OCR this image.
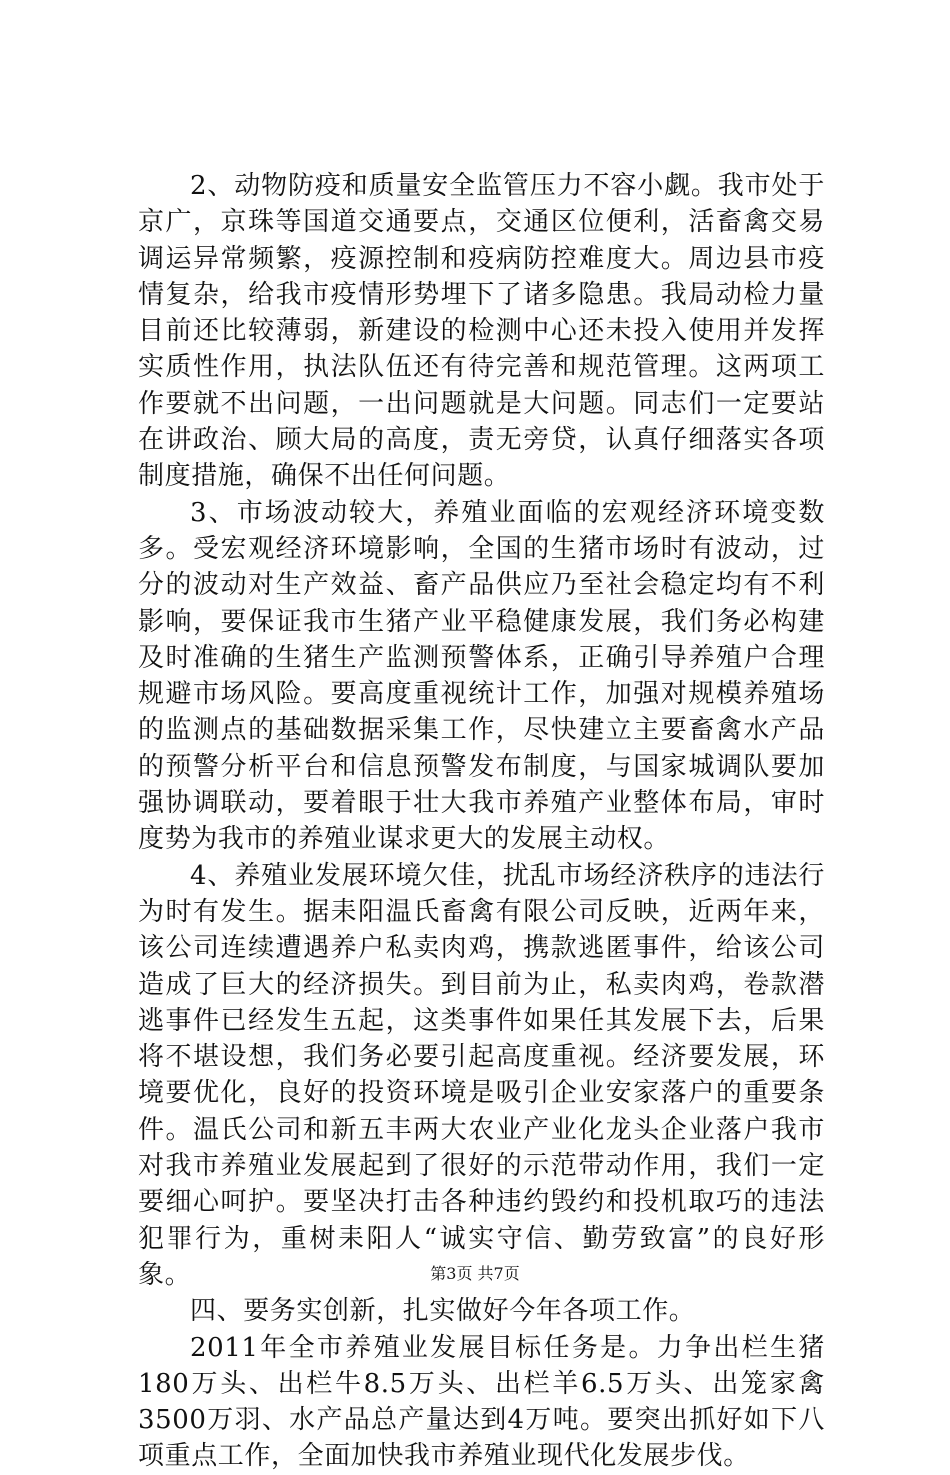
2、动物防疫和质量安全监管压力不容小觑。我市处于京广，京珠等国道交通要点，交通区位便利，活畜禽交易调运异常频繁，疫源控制和疫病防控难度大。周边县市疫情复杂，给我市疫情形势埋下了诸多隐患。我局动检力量目前还比较薄弱，新建设的检测中心还未投入使用并发挥实质性作用，执法队伍还有待完善和规范管理。这两项工作要就不出问题，一出问题就是大问题。同志们一定要站在讲政治、顾大局的高度，责无旁贷，认真仔细落实各项制度措施，确保不出任何问题。

3、市场波动较大，养殖业面临的宏观经济环境变数多。受宏观经济环境影响，全国的生猪市场时有波动，过分的波动对生产效益、畜产品供应乃至社会稳定均有不利影响，要保证我市生猪产业平稳健康发展，我们务必构建及时准确的生猪生产监测预警体系，正确引导养殖户合理规避市场风险。要高度重视统计工作，加强对规模养殖场的监测点的基础数据采集工作，尽快建立主要畜禽水产品的预警分析平台和信息预警发布制度，与国家城调队要加强协调联动，要着眼于壮大我市养殖产业整体布局，审时度势为我市的养殖业谋求更大的发展主动权。

4、养殖业发展环境欠佳，扰乱市场经济秩序的违法行为时有发生。据耒阳温氏畜禽有限公司反映，近两年来，该公司连续遭遇养户私卖肉鸡，携款逃匿事件，给该公司造成了巨大的经济损失。到目前为止，私卖肉鸡，卷款潜逃事件已经发生五起，这类事件如果任其发展下去，后果将不堪设想，我们务必要引起高度重视。经济要发展，环境要优化，良好的投资环境是吸引企业安家落户的重要条件。温氏公司和新五丰两大农业产业化龙头企业落户我市对我市养殖业发展起到了很好的示范带动作用，我们一定要细心呵护。要坚决打击各种违约毁约和投机取巧的违法犯罪行为，重树耒阳人“诚实守信、勤劳致富”的良好形象。

四、要务实创新，扎实做好今年各项工作。

2011年全市养殖业发展目标任务是。力争出栏生猪180万头、出栏牛8.5万头、出栏羊6.5万头、出笼家禽3500万羽、水产品总产量达到4万吨。要突出抓好如下八项重点工作，全面加快我市养殖业现代化发展步伐。

第3页 共7页
